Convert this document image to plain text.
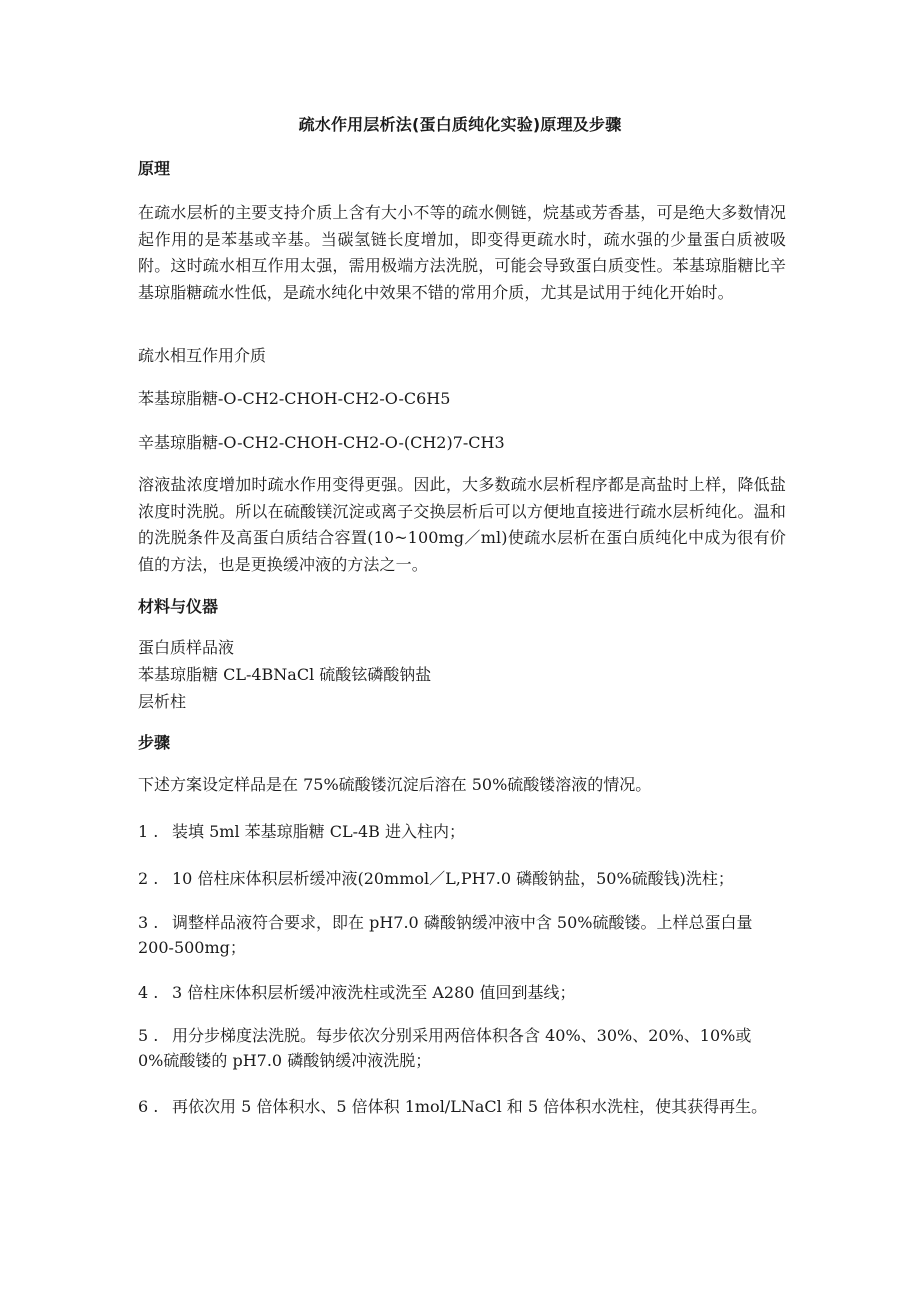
疏水作用层析法(蛋白质纯化实验)原理及步骤
原理
在疏水层析的主要支持介质上含有大小不等的疏水侧链，烷基或芳香基，可是绝大多数情况起作用的是苯基或辛基。当碳氢链长度增加，即变得更疏水时，疏水强的少量蛋白质被吸附。这时疏水相互作用太强，需用极端方法洗脱，可能会导致蛋白质变性。苯基琼脂糖比辛基琼脂糖疏水性低，是疏水纯化中效果不错的常用介质，尤其是试用于纯化开始时。
疏水相互作用介质
苯基琼脂糖-O-CH2-CHOH-CH2-O-C6H5
辛基琼脂糖-O-CH2-CHOH-CH2-O-(CH2)7-CH3
溶液盐浓度增加时疏水作用变得更强。因此，大多数疏水层析程序都是高盐时上样，降低盐浓度时洗脱。所以在硫酸镁沉淀或离子交换层析后可以方便地直接进行疏水层析纯化。温和的洗脱条件及高蛋白质结合容置(10~100mg／ml)使疏水层析在蛋白质纯化中成为很有价值的方法，也是更换缓冲液的方法之一。
材料与仪器
蛋白质样品液
苯基琼脂糖 CL-4BNaCl 硫酸铉磷酸钠盐
层析柱
步骤
下述方案设定样品是在 75%硫酸镂沉淀后溶在 50%硫酸镂溶液的情况。
1 . 装填 5ml 苯基琼脂糖 CL-4B 进入柱内；
2 . 10 倍柱床体积层析缓冲液(20mmol／L,PH7.0 磷酸钠盐，50%硫酸钱)洗柱；
3 . 调整样品液符合要求，即在 pH7.0 磷酸钠缓冲液中含 50%硫酸镂。上样总蛋白量 200-500mg；
4 . 3 倍柱床体积层析缓冲液洗柱或洗至 A280 值回到基线；
5 . 用分步梯度法洗脱。每步依次分别采用两倍体积各含 40%、30%、20%、10%或 0%硫酸镂的 pH7.0 磷酸钠缓冲液洗脱；
6 . 再依次用 5 倍体积水、5 倍体积 1mol/LNaCl 和 5 倍体积水洗柱，使其获得再生。
